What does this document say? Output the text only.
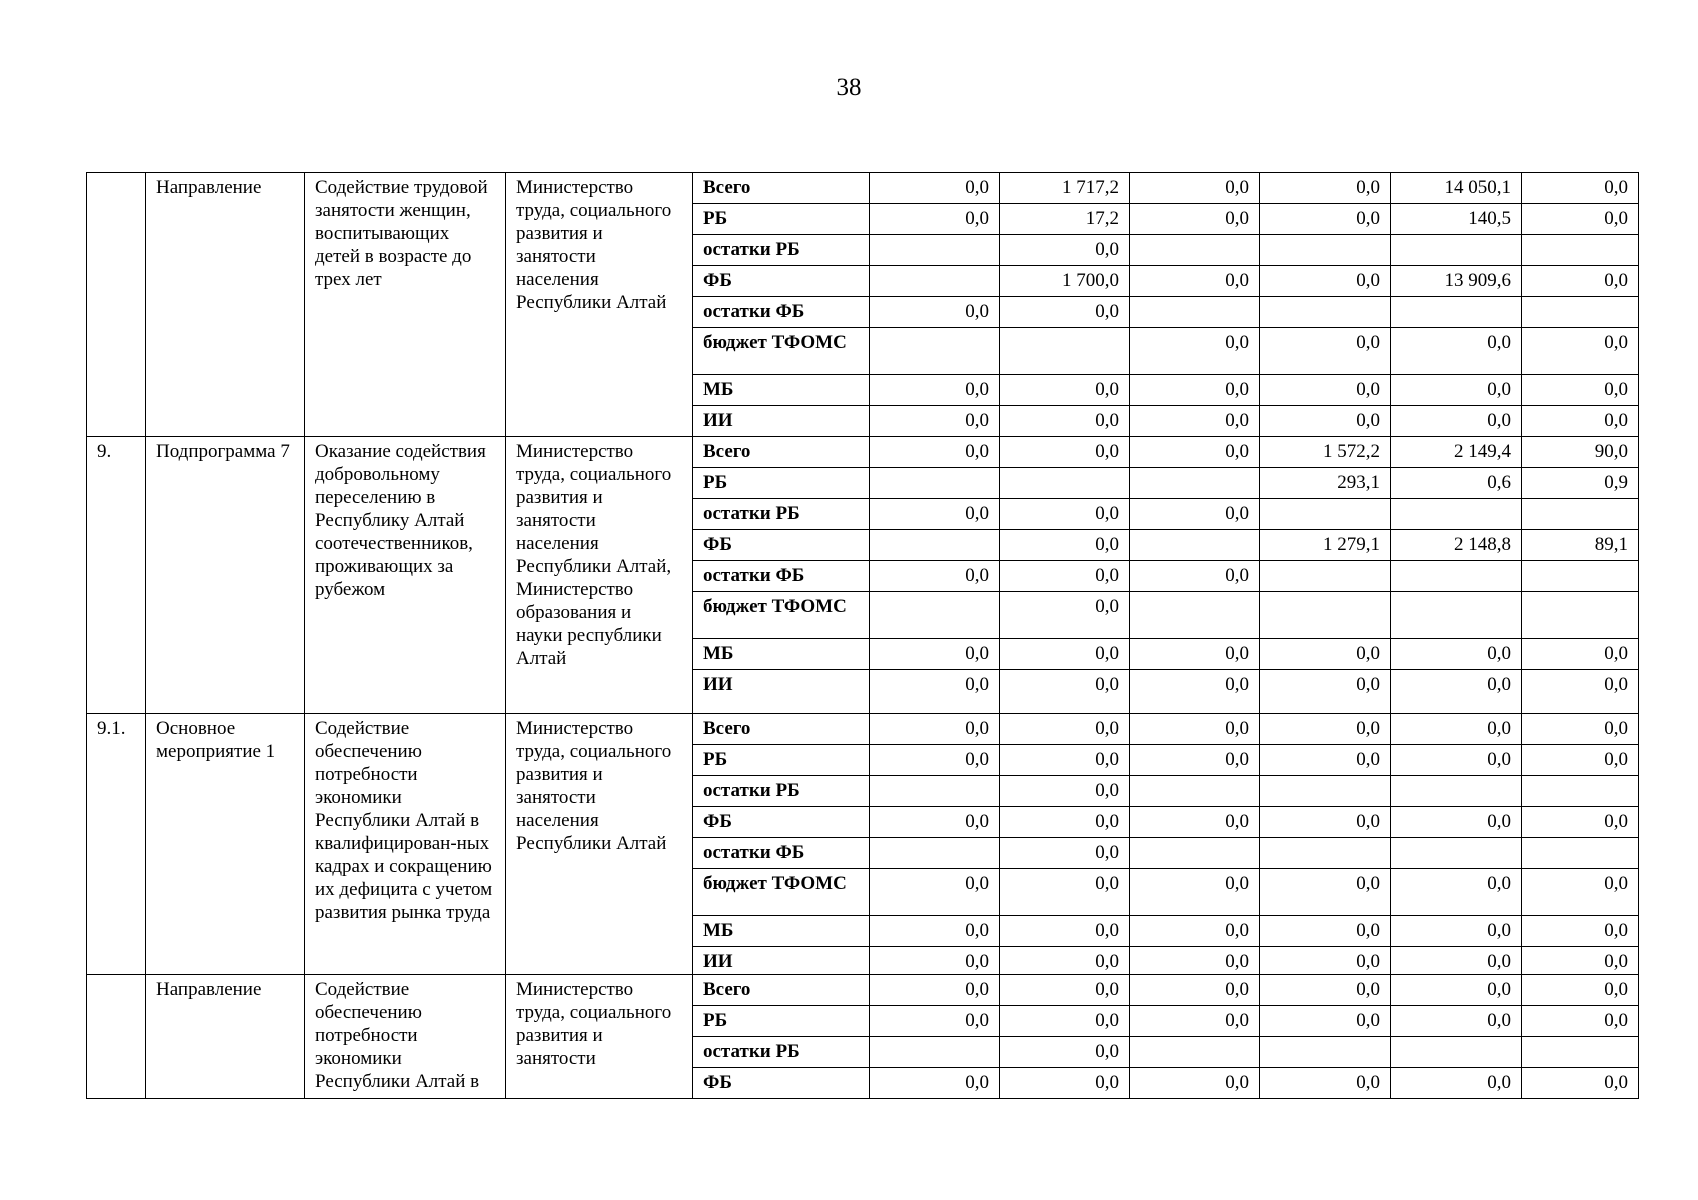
38
	Направление	Содействие трудовой занятости женщин, воспитывающих детей в возрасте до трех лет	Министерство труда, социального развития и занятости населения Республики Алтай	Всего	0,0	1 717,2	0,0	0,0	14 050,1	0,0
				РБ	0,0	17,2	0,0	0,0	140,5	0,0
				остатки РБ		0,0				
				ФБ		1 700,0	0,0	0,0	13 909,6	0,0
				остатки ФБ	0,0	0,0				
				бюджет ТФОМС			0,0	0,0	0,0	0,0
				МБ	0,0	0,0	0,0	0,0	0,0	0,0
				ИИ	0,0	0,0	0,0	0,0	0,0	0,0
9.	Подпрограмма 7	Оказание содействия добровольному переселению в Республику Алтай соотечественников, проживающих за рубежом	Министерство труда, социального развития и занятости населения Республики Алтай, Министерство образования и науки республики Алтай	Всего	0,0	0,0	0,0	1 572,2	2 149,4	90,0
				РБ				293,1	0,6	0,9
				остатки РБ	0,0	0,0	0,0			
				ФБ		0,0		1 279,1	2 148,8	89,1
				остатки ФБ	0,0	0,0	0,0			
				бюджет ТФОМС		0,0				
				МБ	0,0	0,0	0,0	0,0	0,0	0,0
				ИИ	0,0	0,0	0,0	0,0	0,0	0,0
9.1.	Основное мероприятие 1	Содействие обеспечению потребности экономики Республики Алтай в квалифицирован-ных кадрах и сокращению их дефицита с учетом развития рынка труда	Министерство труда, социального развития и занятости населения Республики Алтай	Всего	0,0	0,0	0,0	0,0	0,0	0,0
				РБ	0,0	0,0	0,0	0,0	0,0	0,0
				остатки РБ		0,0				
				ФБ	0,0	0,0	0,0	0,0	0,0	0,0
				остатки ФБ		0,0				
				бюджет ТФОМС	0,0	0,0	0,0	0,0	0,0	0,0
				МБ	0,0	0,0	0,0	0,0	0,0	0,0
				ИИ	0,0	0,0	0,0	0,0	0,0	0,0
	Направление	Содействие обеспечению потребности экономики Республики Алтай в	Министерство труда, социального развития и занятости	Всего	0,0	0,0	0,0	0,0	0,0	0,0
				РБ	0,0	0,0	0,0	0,0	0,0	0,0
				остатки РБ		0,0				
				ФБ	0,0	0,0	0,0	0,0	0,0	0,0
